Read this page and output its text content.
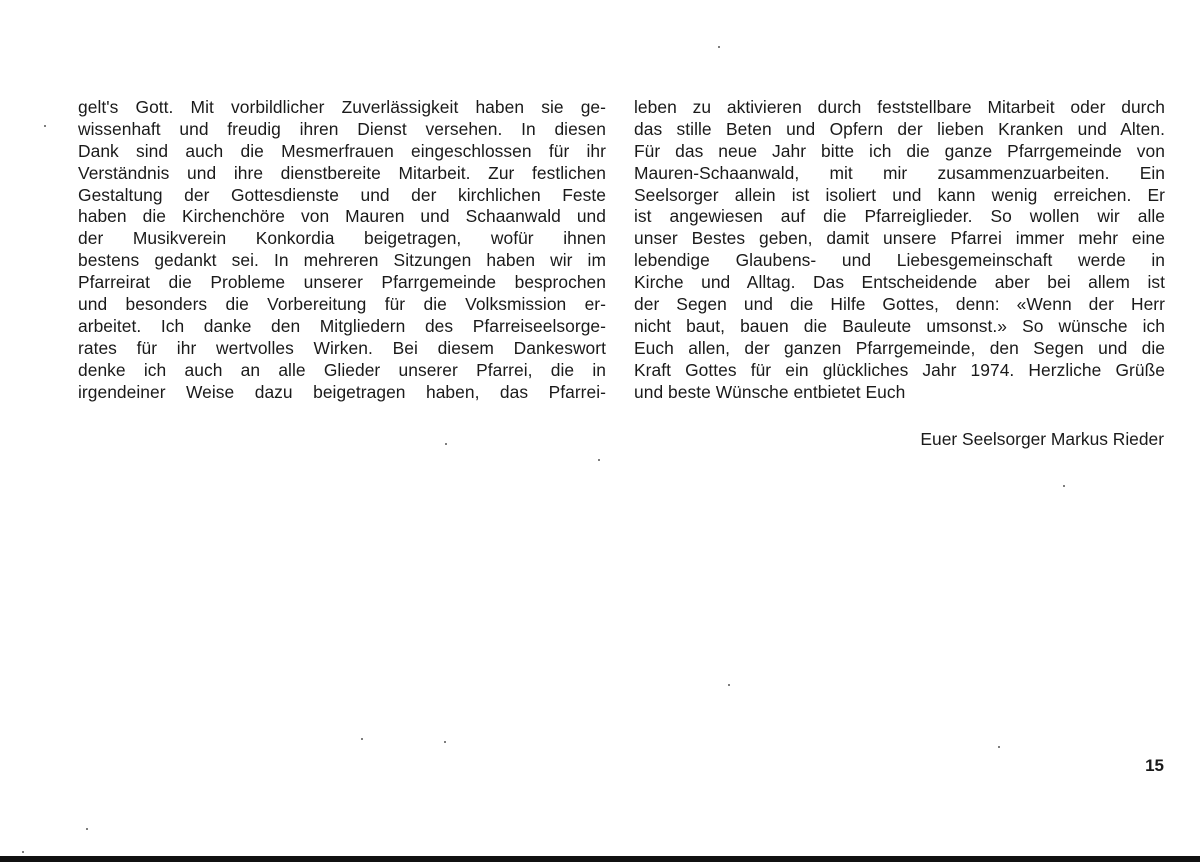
gelt's Gott. Mit vorbildlicher Zuverlässigkeit haben sie ge-
wissenhaft und freudig ihren Dienst versehen. In diesen
Dank sind auch die Mesmerfrauen eingeschlossen für ihr
Verständnis und ihre dienstbereite Mitarbeit. Zur festlichen
Gestaltung der Gottesdienste und der kirchlichen Feste
haben die Kirchenchöre von Mauren und Schaanwald und
der Musikverein Konkordia beigetragen, wofür ihnen
bestens gedankt sei. In mehreren Sitzungen haben wir im
Pfarreirat die Probleme unserer Pfarrgemeinde besprochen
und besonders die Vorbereitung für die Volksmission er-
arbeitet. Ich danke den Mitgliedern des Pfarreiseelsorge-
rates für ihr wertvolles Wirken. Bei diesem Dankeswort
denke ich auch an alle Glieder unserer Pfarrei, die in
irgendeiner Weise dazu beigetragen haben, das Pfarrei-
leben zu aktivieren durch feststellbare Mitarbeit oder durch
das stille Beten und Opfern der lieben Kranken und Alten.
Für das neue Jahr bitte ich die ganze Pfarrgemeinde von
Mauren-Schaanwald, mit mir zusammenzuarbeiten. Ein
Seelsorger allein ist isoliert und kann wenig erreichen. Er
ist angewiesen auf die Pfarreiglieder. So wollen wir alle
unser Bestes geben, damit unsere Pfarrei immer mehr eine
lebendige Glaubens- und Liebesgemeinschaft werde in
Kirche und Alltag. Das Entscheidende aber bei allem ist
der Segen und die Hilfe Gottes, denn: «Wenn der Herr
nicht baut, bauen die Bauleute umsonst.» So wünsche ich
Euch allen, der ganzen Pfarrgemeinde, den Segen und die
Kraft Gottes für ein glückliches Jahr 1974. Herzliche Grüße
und beste Wünsche entbietet Euch
Euer Seelsorger Markus Rieder
15
